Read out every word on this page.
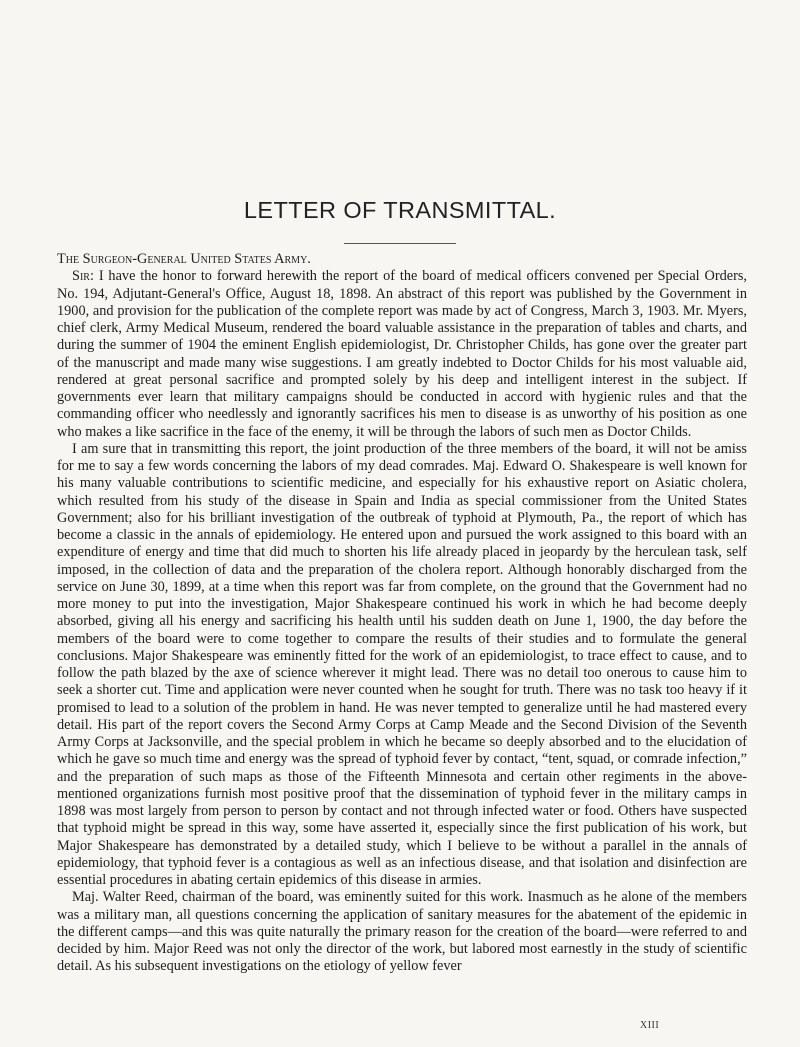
LETTER OF TRANSMITTAL.
The Surgeon-General United States Army.

Sir: I have the honor to forward herewith the report of the board of medical officers convened per Special Orders, No. 194, Adjutant-General's Office, August 18, 1898. An abstract of this report was published by the Government in 1900, and provision for the publication of the complete report was made by act of Congress, March 3, 1903. Mr. Myers, chief clerk, Army Medical Museum, rendered the board valuable assistance in the preparation of tables and charts, and during the summer of 1904 the eminent English epidemiologist, Dr. Christopher Childs, has gone over the greater part of the manuscript and made many wise suggestions. I am greatly indebted to Doctor Childs for his most valuable aid, rendered at great personal sacrifice and prompted solely by his deep and intelligent interest in the subject. If governments ever learn that military campaigns should be conducted in accord with hygienic rules and that the commanding officer who needlessly and ignorantly sacrifices his men to disease is as unworthy of his position as one who makes a like sacrifice in the face of the enemy, it will be through the labors of such men as Doctor Childs.

I am sure that in transmitting this report, the joint production of the three members of the board, it will not be amiss for me to say a few words concerning the labors of my dead comrades. Maj. Edward O. Shakespeare is well known for his many valuable contributions to scientific medicine, and especially for his exhaustive report on Asiatic cholera, which resulted from his study of the disease in Spain and India as special commissioner from the United States Government; also for his brilliant investigation of the outbreak of typhoid at Plymouth, Pa., the report of which has become a classic in the annals of epidemiology. He entered upon and pursued the work assigned to this board with an expenditure of energy and time that did much to shorten his life already placed in jeopardy by the herculean task, self imposed, in the collection of data and the preparation of the cholera report. Although honorably discharged from the service on June 30, 1899, at a time when this report was far from complete, on the ground that the Government had no more money to put into the investigation, Major Shakespeare continued his work in which he had become deeply absorbed, giving all his energy and sacrificing his health until his sudden death on June 1, 1900, the day before the members of the board were to come together to compare the results of their studies and to formulate the general conclusions. Major Shakespeare was eminently fitted for the work of an epidemiologist, to trace effect to cause, and to follow the path blazed by the axe of science wherever it might lead. There was no detail too onerous to cause him to seek a shorter cut. Time and application were never counted when he sought for truth. There was no task too heavy if it promised to lead to a solution of the problem in hand. He was never tempted to generalize until he had mastered every detail. His part of the report covers the Second Army Corps at Camp Meade and the Second Division of the Seventh Army Corps at Jacksonville, and the special problem in which he became so deeply absorbed and to the elucidation of which he gave so much time and energy was the spread of typhoid fever by contact, “tent, squad, or comrade infection,” and the preparation of such maps as those of the Fifteenth Minnesota and certain other regiments in the above-mentioned organizations furnish most positive proof that the dissemination of typhoid fever in the military camps in 1898 was most largely from person to person by contact and not through infected water or food. Others have suspected that typhoid might be spread in this way, some have asserted it, especially since the first publication of his work, but Major Shakespeare has demonstrated by a detailed study, which I believe to be without a parallel in the annals of epidemiology, that typhoid fever is a contagious as well as an infectious disease, and that isolation and disinfection are essential procedures in abating certain epidemics of this disease in armies.

Maj. Walter Reed, chairman of the board, was eminently suited for this work. Inasmuch as he alone of the members was a military man, all questions concerning the application of sanitary measures for the abatement of the epidemic in the different camps—and this was quite naturally the primary reason for the creation of the board—were referred to and decided by him. Major Reed was not only the director of the work, but labored most earnestly in the study of scientific detail. As his subsequent investigations on the etiology of yellow fever

XIII
